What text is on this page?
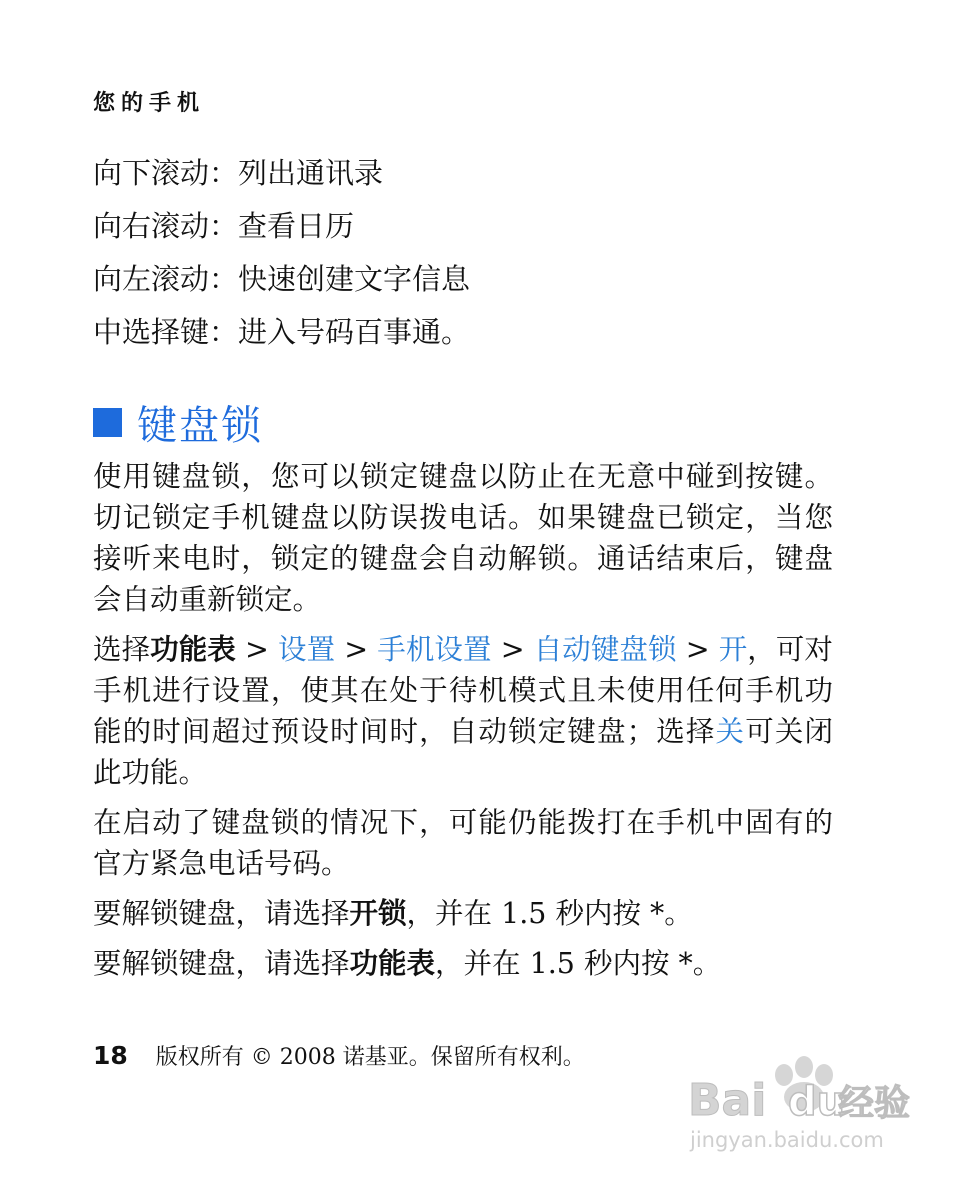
您的手机
向下滚动：列出通讯录
向右滚动：查看日历
向左滚动：快速创建文字信息
中选择键：进入号码百事通。
键盘锁

使用键盘锁，您可以锁定键盘以防止在无意中碰到按键。切记锁定手机键盘以防误拨电话。如果键盘已锁定，当您接听来电时，锁定的键盘会自动解锁。通话结束后，键盘会自动重新锁定。

选择功能表 > 设置 > 手机设置 > 自动键盘锁 > 开，可对手机进行设置，使其在处于待机模式且未使用任何手机功能的时间超过预设时间时，自动锁定键盘；选择关可关闭此功能。

在启动了键盘锁的情况下，可能仍能拨打在手机中固有的官方紧急电话号码。

要解锁键盘，请选择开锁，并在 1.5 秒内按 *。

要解锁键盘，请选择功能表，并在 1.5 秒内按 *。

18 版权所有 © 2008 诺基亚。保留所有权利。
Bai du
经验
jingyan.baidu.com
